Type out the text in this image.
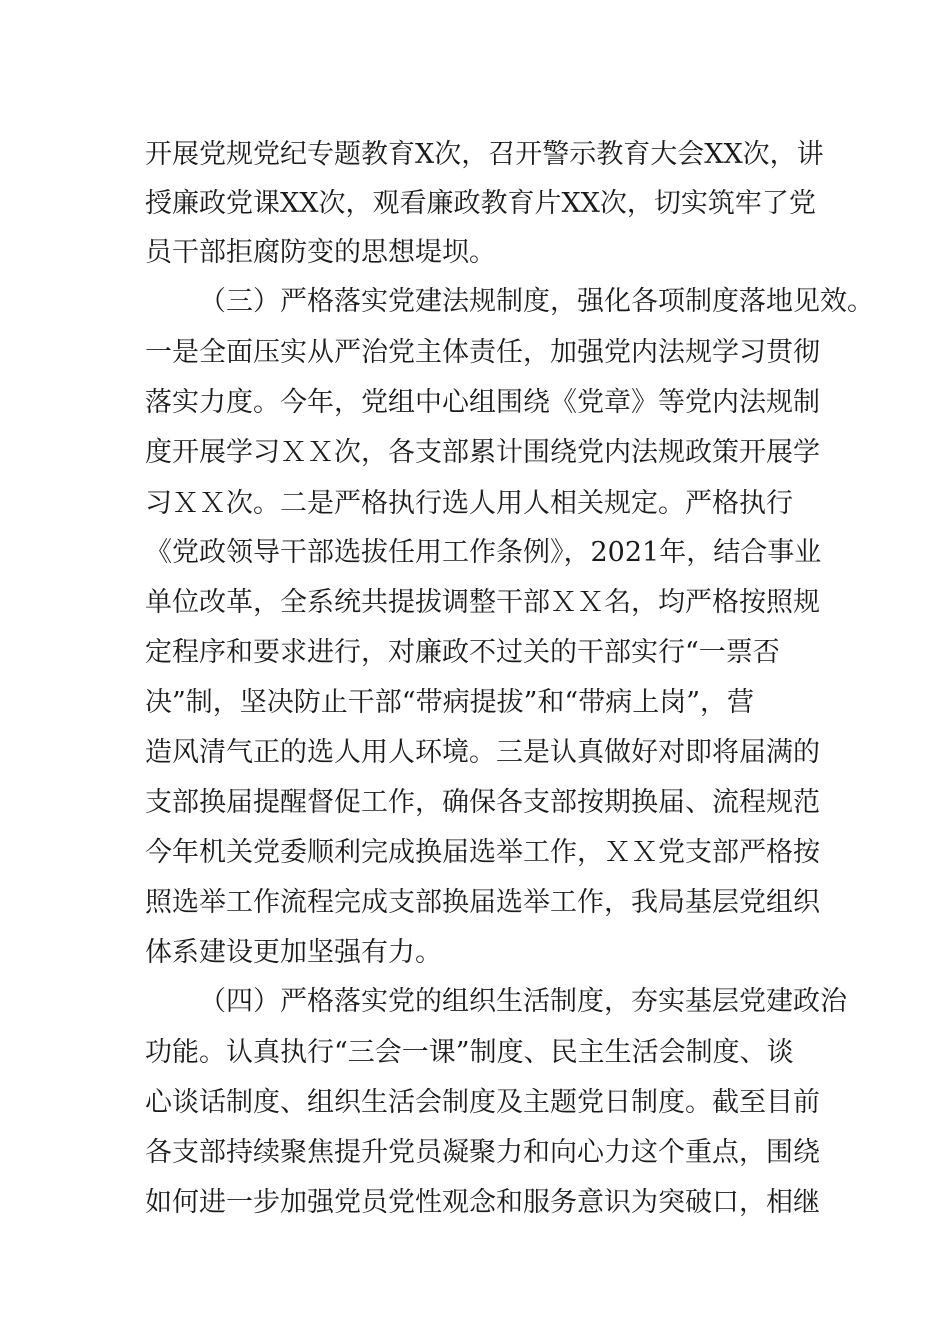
开展党规党纪专题教育X次，召开警示教育大会XX次，讲
授廉政党课XX次，观看廉政教育片XX次，切实筑牢了党
员干部拒腐防变的思想堤坝。
（三）严格落实党建法规制度，强化各项制度落地见效。
一是全面压实从严治党主体责任，加强党内法规学习贯彻
落实力度。今年，党组中心组围绕《党章》等党内法规制
度开展学习ＸＸ次，各支部累计围绕党内法规政策开展学
习ＸＸ次。二是严格执行选人用人相关规定。严格执行
《党政领导干部选拔任用工作条例》，2021年，结合事业
单位改革，全系统共提拔调整干部ＸＸ名，均严格按照规
定程序和要求进行，对廉政不过关的干部实行“一票否
决”制，坚决防止干部“带病提拔”和“带病上岗”，营
造风清气正的选人用人环境。三是认真做好对即将届满的
支部换届提醒督促工作，确保各支部按期换届、流程规范
今年机关党委顺利完成换届选举工作，ＸＸ党支部严格按
照选举工作流程完成支部换届选举工作，我局基层党组织
体系建设更加坚强有力。
（四）严格落实党的组织生活制度，夯实基层党建政治
功能。认真执行“三会一课”制度、民主生活会制度、谈
心谈话制度、组织生活会制度及主题党日制度。截至目前
各支部持续聚焦提升党员凝聚力和向心力这个重点，围绕
如何进一步加强党员党性观念和服务意识为突破口，相继
